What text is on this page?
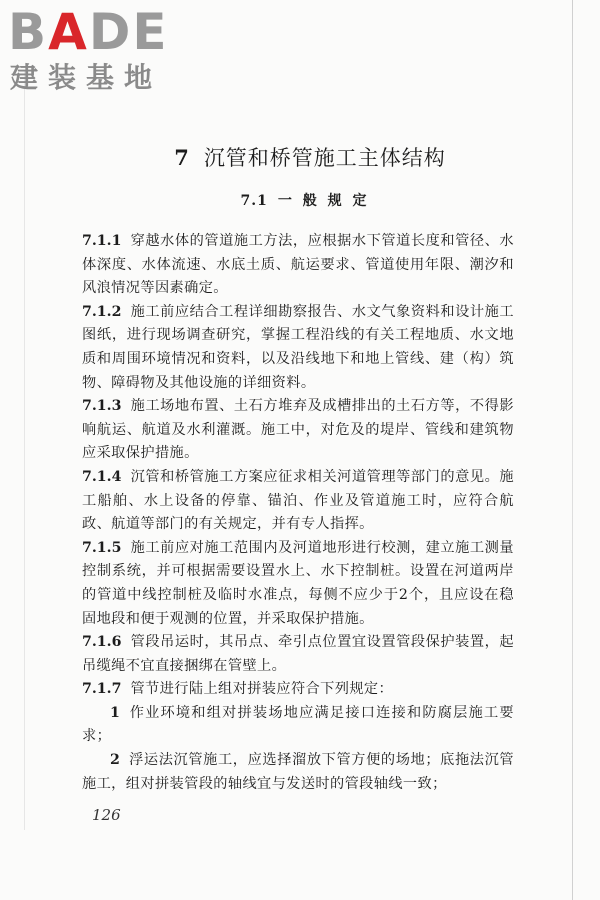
BADE
建装基地
7 沉管和桥管施工主体结构
7.1 一 般 规 定

7.1.1 穿越水体的管道施工方法，应根据水下管道长度和管径、水体深度、水体流速、水底土质、航运要求、管道使用年限、潮汐和风浪情况等因素确定。

7.1.2 施工前应结合工程详细勘察报告、水文气象资料和设计施工图纸，进行现场调查研究，掌握工程沿线的有关工程地质、水文地质和周围环境情况和资料，以及沿线地下和地上管线、建（构）筑物、障碍物及其他设施的详细资料。

7.1.3 施工场地布置、土石方堆弃及成槽排出的土石方等，不得影响航运、航道及水利灌溉。施工中，对危及的堤岸、管线和建筑物应采取保护措施。

7.1.4 沉管和桥管施工方案应征求相关河道管理等部门的意见。施工船舶、水上设备的停靠、锚泊、作业及管道施工时，应符合航政、航道等部门的有关规定，并有专人指挥。

7.1.5 施工前应对施工范围内及河道地形进行校测，建立施工测量控制系统，并可根据需要设置水上、水下控制桩。设置在河道两岸的管道中线控制桩及临时水准点，每侧不应少于2个，且应设在稳固地段和便于观测的位置，并采取保护措施。

7.1.6 管段吊运时，其吊点、牵引点位置宜设置管段保护装置，起吊缆绳不宜直接捆绑在管壁上。

7.1.7 管节进行陆上组对拼装应符合下列规定：

1 作业环境和组对拼装场地应满足接口连接和防腐层施工要求；

2 浮运法沉管施工，应选择溜放下管方便的场地；底拖法沉管施工，组对拼装管段的轴线宜与发送时的管段轴线一致；

126
